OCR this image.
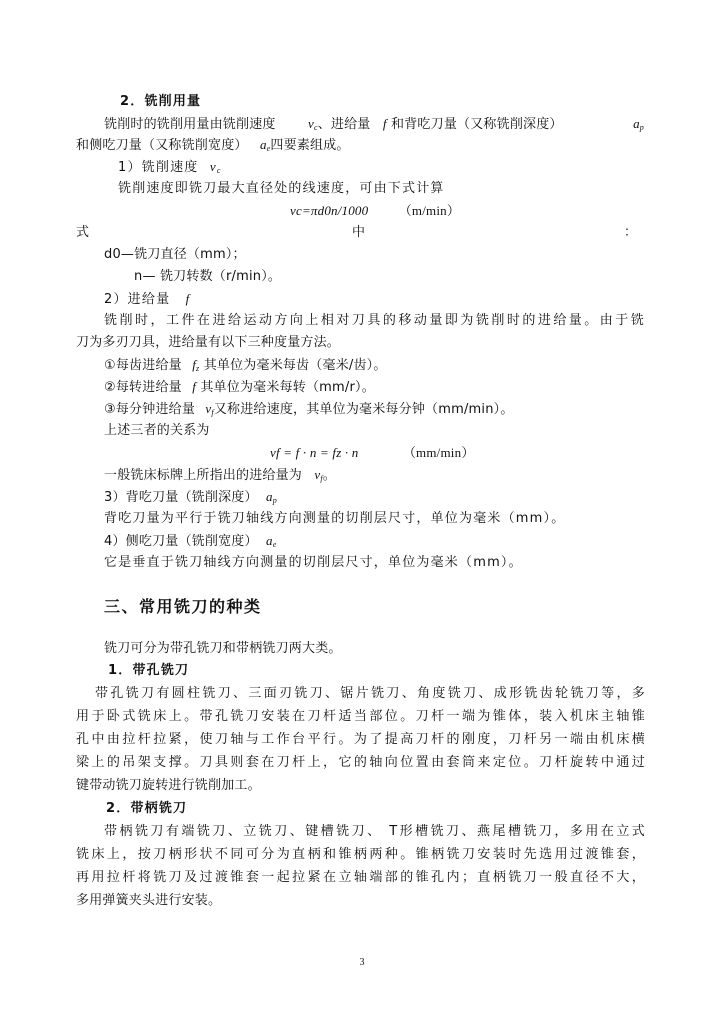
2．铣削用量
铣削时的铣削用量由铣削速度 $v_c$、进给量 f 和背吃刀量（又称铣削深度）	$a_p$
和侧吃刀量（又称铣削宽度） $a_e$四要素组成。
1）铣削速度 $v_c$
铣削速度即铣刀最大直径处的线速度，可由下式计算
vc=πd0n/1000 （m/min）
式	中	：
d0—铣刀直径（mm）；
n— 铣刀转数（r/min）。
2）进给量 f
铣削时，工件在进给运动方向上相对刀具的移动量即为铣削时的进给量。由于铣
刀为多刃刀具，进给量有以下三种度量方法。
①每齿进给量 $f_z$ 其单位为毫米每齿（毫米/齿）。
②每转进给量 f 其单位为毫米每转（mm/r）。
③每分钟进给量 $v_f$又称进给速度，其单位为毫米每分钟（mm/min）。
上述三者的关系为
vf = f · n = fz · n	（mm/min）
一般铣床标牌上所指出的进给量为 $v_f$。
3）背吃刀量（铣削深度） $a_p$
背吃刀量为平行于铣刀轴线方向测量的切削层尺寸，单位为毫米（mm）。
4）侧吃刀量（铣削宽度） $a_e$
它是垂直于铣刀轴线方向测量的切削层尺寸，单位为毫米（mm）。
三、常用铣刀的种类
铣刀可分为带孔铣刀和带柄铣刀两大类。
1．带孔铣刀
带孔铣刀有圆柱铣刀、三面刃铣刀、锯片铣刀、角度铣刀、成形铣齿轮铣刀等，多
用于卧式铣床上。带孔铣刀安装在刀杆适当部位。刀杆一端为锥体，装入机床主轴锥
孔中由拉杆拉紧，使刀轴与工作台平行。为了提高刀杆的刚度，刀杆另一端由机床横
梁上的吊架支撑。刀具则套在刀杆上，它的轴向位置由套筒来定位。刀杆旋转中通过
键带动铣刀旋转进行铣削加工。
2．带柄铣刀
带柄铣刀有端铣刀、立铣刀、键槽铣刀、 T形槽铣刀、燕尾槽铣刀，多用在立式
铣床上，按刀柄形状不同可分为直柄和锥柄两种。锥柄铣刀安装时先选用过渡锥套，
再用拉杆将铣刀及过渡锥套一起拉紧在立轴端部的锥孔内；直柄铣刀一般直径不大，
多用弹簧夹头进行安装。
3
